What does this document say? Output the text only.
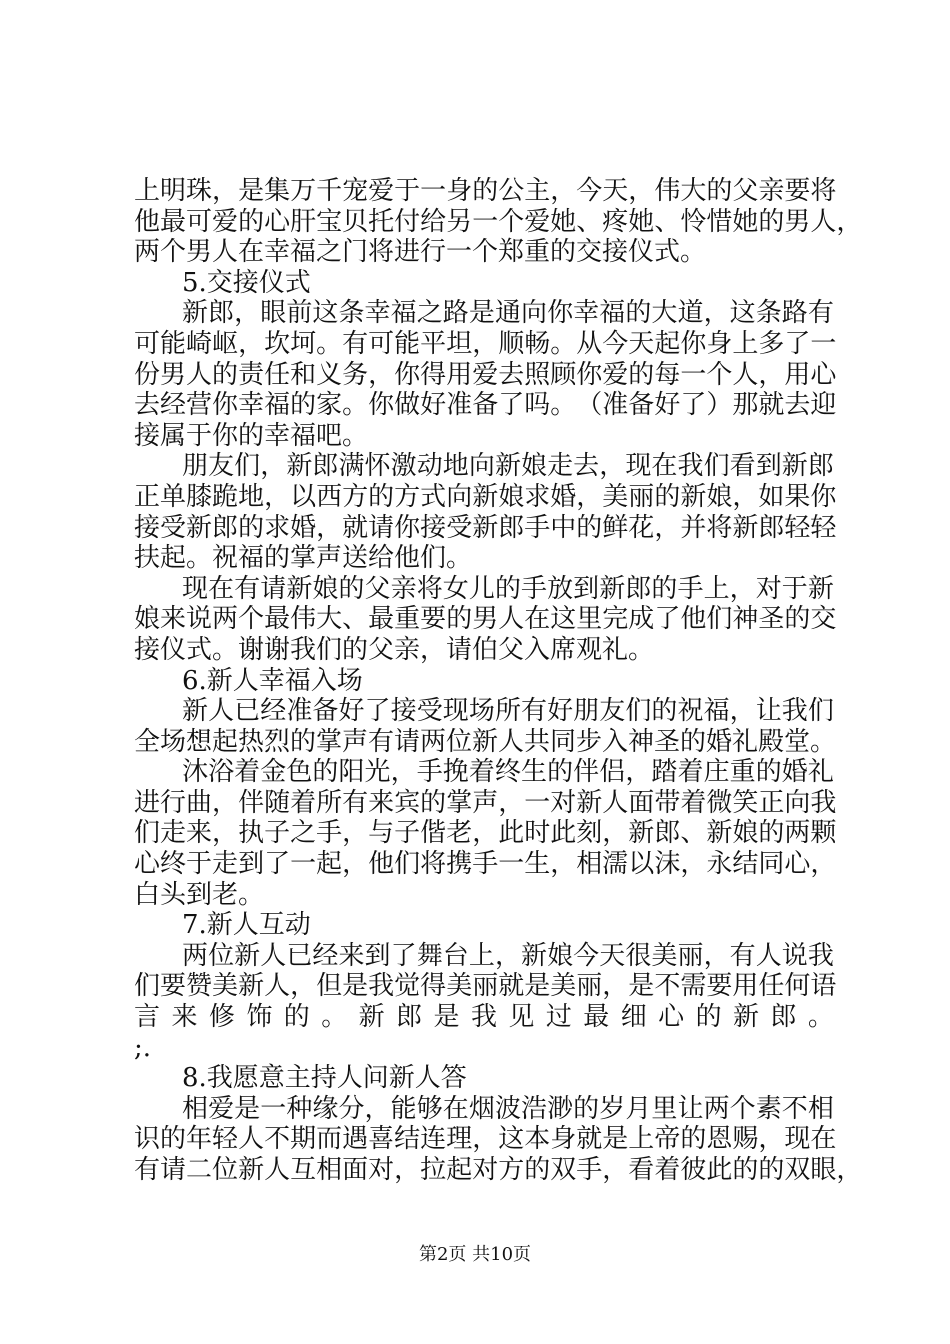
上 明 珠 ， 是 集 万 千 宠 爱 于 一 身 的 公 主 ， 今 天 ， 伟 大 的 父 亲 要 将
他 最 可 爱 的 心 肝 宝 贝 托 付 给 另 一 个 爱 她 、 疼 她 、 怜 惜 她 的 男 人 ，
两个男人在幸福之门将进行一个郑重的交接仪式。
5.交接仪式
新 郎 ， 眼 前 这 条 幸 福 之 路 是 通 向 你 幸 福 的 大 道 ， 这 条 路 有
可 能 崎 岖 ， 坎 坷 。 有 可 能 平 坦 ， 顺 畅 。 从 今 天 起 你 身 上 多 了 一
份 男 人 的 责 任 和 义 务 ， 你 得 用 爱 去 照 顾 你 爱 的 每 一 个 人 ， 用 心
去 经 营 你 幸 福 的 家 。 你 做 好 准 备 了 吗 。 （ 准 备 好 了 ） 那 就 去 迎
接属于你的幸福吧。
朋 友 们 ， 新 郎 满 怀 激 动 地 向 新 娘 走 去 ， 现 在 我 们 看 到 新 郎
正 单 膝 跪 地 ， 以 西 方 的 方 式 向 新 娘 求 婚 ， 美 丽 的 新 娘 ， 如 果 你
接 受 新 郎 的 求 婚 ， 就 请 你 接 受 新 郎 手 中 的 鲜 花 ， 并 将 新 郎 轻 轻
扶起。祝福的掌声送给他们。
现 在 有 请 新 娘 的 父 亲 将 女 儿 的 手 放 到 新 郎 的 手 上 ， 对 于 新
娘 来 说 两 个 最 伟 大 、 最 重 要 的 男 人 在 这 里 完 成 了 他 们 神 圣 的 交
接仪式。谢谢我们的父亲，请伯父入席观礼。
6.新人幸福入场
新 人 已 经 准 备 好 了 接 受 现 场 所 有 好 朋 友 们 的 祝 福 ， 让 我 们
全场想起热烈的掌声有请两位新人共同步入神圣的婚礼殿堂。
沐 浴 着 金 色 的 阳 光 ， 手 挽 着 终 生 的 伴 侣 ， 踏 着 庄 重 的 婚 礼
进 行 曲 ， 伴 随 着 所 有 来 宾 的 掌 声 ， 一 对 新 人 面 带 着 微 笑 正 向 我
们 走 来 ， 执 子 之 手 ， 与 子 偕 老 ， 此 时 此 刻 ， 新 郎 、 新 娘 的 两 颗
心 终 于 走 到 了 一 起 ， 他 们 将 携 手 一 生 ， 相 濡 以 沫 ， 永 结 同 心 ，
白头到老。
7.新人互动
两 位 新 人 已 经 来 到 了 舞 台 上 ， 新 娘 今 天 很 美 丽 ， 有 人 说 我
们 要 赞 美 新 人 ， 但 是 我 觉 得 美 丽 就 是 美 丽 ， 是 不 需 要 用 任 何 语
言 来 修 饰 的 。 新 郎 是 我 见 过 最 细 心 的 新 郎 。
;.
8.我愿意主持人问新人答
相 爱 是 一 种 缘 分 ， 能 够 在 烟 波 浩 渺 的 岁 月 里 让 两 个 素 不 相
识 的 年 轻 人 不 期 而 遇 喜 结 连 理 ， 这 本 身 就 是 上 帝 的 恩 赐 ， 现 在
有 请 二 位 新 人 互 相 面 对 ， 拉 起 对 方 的 双 手 ， 看 着 彼 此 的 的 双 眼 ，
第2页 共10页
